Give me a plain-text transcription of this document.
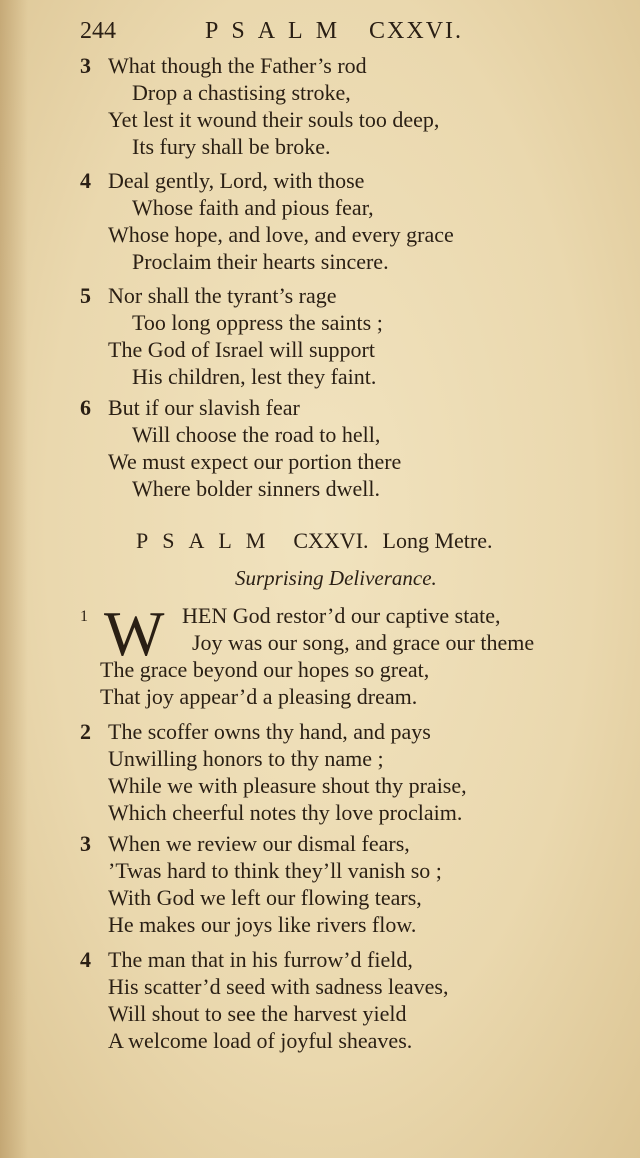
244	PSALM CXXVI.
3 What though the Father’s rod
Drop a chastising stroke,
Yet lest it wound their souls too deep,
Its fury shall be broke.
4 Deal gently, Lord, with those
Whose faith and pious fear,
Whose hope, and love, and every grace
Proclaim their hearts sincere.
5 Nor shall the tyrant’s rage
Too long oppress the saints ;
The God of Israel will support
His children, lest they faint.
6 But if our slavish fear
Will choose the road to hell,
We must expect our portion there
Where bolder sinners dwell.
PSALM CXXVI. Long Metre.
Surprising Deliverance.
1 W HEN God restor’d our captive state,
Joy was our song, and grace our theme
The grace beyond our hopes so great,
That joy appear’d a pleasing dream.
2 The scoffer owns thy hand, and pays
Unwilling honors to thy name ;
While we with pleasure shout thy praise,
Which cheerful notes thy love proclaim.
3 When we review our dismal fears,
’Twas hard to think they’ll vanish so ;
With God we left our flowing tears,
He makes our joys like rivers flow.
4 The man that in his furrow’d field,
His scatter’d seed with sadness leaves,
Will shout to see the harvest yield
A welcome load of joyful sheaves.
